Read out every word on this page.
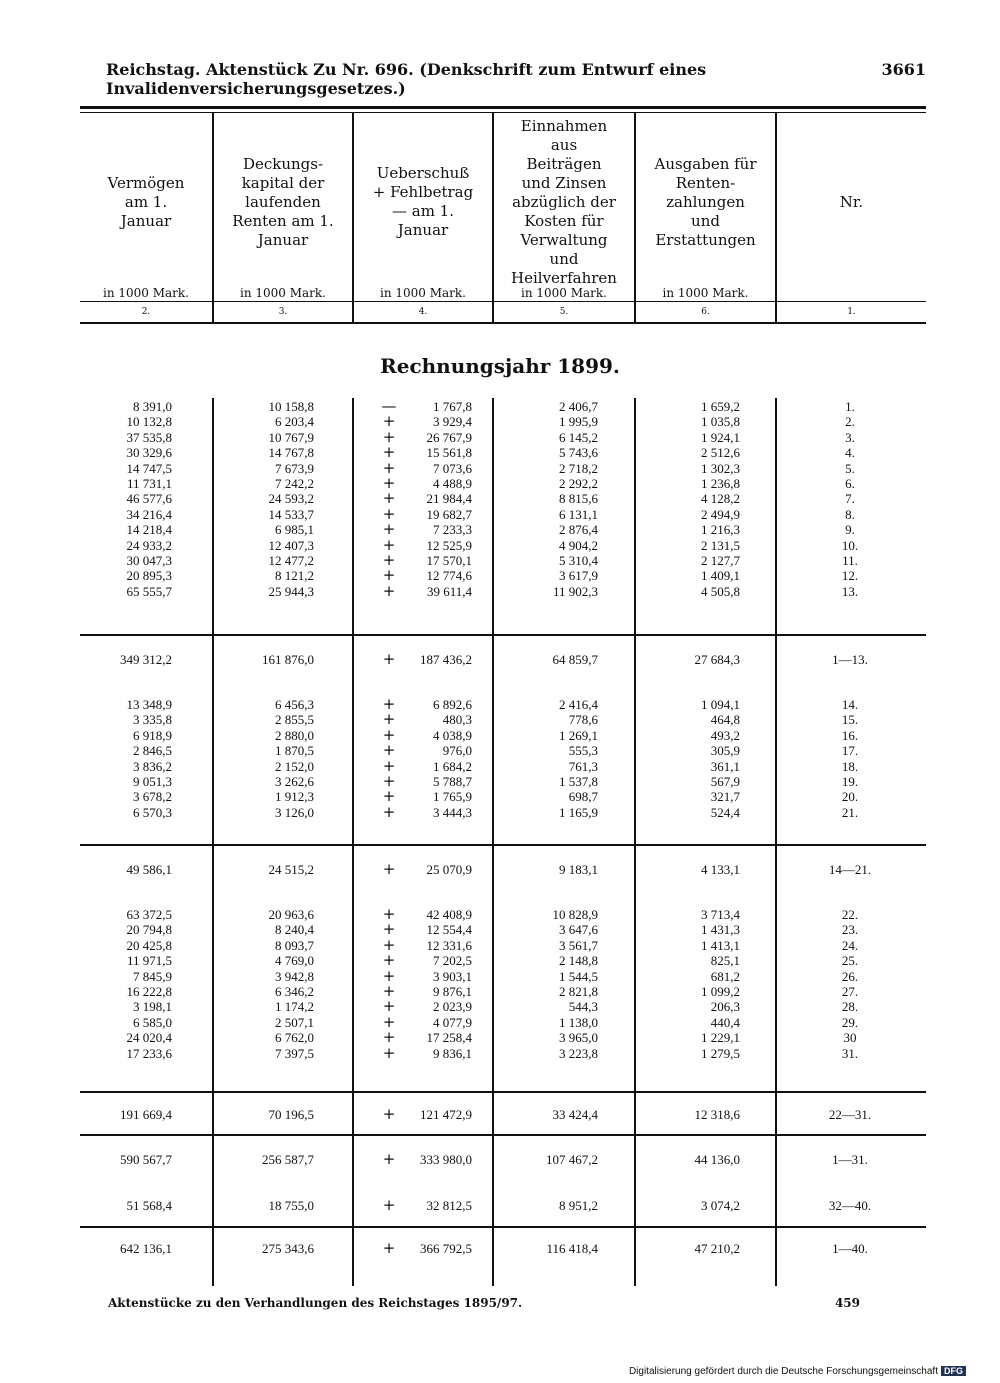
Reichstag. Aktenstück Zu Nr. 696. (Denkschrift zum Entwurf eines Invalidenversicherungsgesetzes.)
3661
Vermögen am 1. Januar
in 1000 Mark.
2.
Deckungs-kapital der laufenden Renten am 1. Januar
in 1000 Mark.
3.
Ueberschuß + Fehlbetrag — am 1. Januar
in 1000 Mark.
4.
Einnahmen aus Beiträgen und Zinsen abzüglich der Kosten für Verwaltung und Heilverfahren
in 1000 Mark.
5.
Ausgaben für Renten-zahlungen und Erstattungen
in 1000 Mark.
6.
Nr.
1.
Rechnungsjahr 1899.
8 391,0	10 158,8	—	1 767,8	2 406,7	1 659,2	1.
10 132,8	6 203,4	+	3 929,4	1 995,9	1 035,8	2.
37 535,8	10 767,9	+	26 767,9	6 145,2	1 924,1	3.
30 329,6	14 767,8	+	15 561,8	5 743,6	2 512,6	4.
14 747,5	7 673,9	+	7 073,6	2 718,2	1 302,3	5.
11 731,1	7 242,2	+	4 488,9	2 292,2	1 236,8	6.
46 577,6	24 593,2	+	21 984,4	8 815,6	4 128,2	7.
34 216,4	14 533,7	+	19 682,7	6 131,1	2 494,9	8.
14 218,4	6 985,1	+	7 233,3	2 876,4	1 216,3	9.
24 933,2	12 407,3	+	12 525,9	4 904,2	2 131,5	10.
30 047,3	12 477,2	+	17 570,1	5 310,4	2 127,7	11.
20 895,3	8 121,2	+	12 774,6	3 617,9	1 409,1	12.
65 555,7	25 944,3	+	39 611,4	11 902,3	4 505,8	13.
349 312,2	161 876,0	+	187 436,2	64 859,7	27 684,3	1—13.
13 348,9	6 456,3	+	6 892,6	2 416,4	1 094,1	14.
3 335,8	2 855,5	+	480,3	778,6	464,8	15.
6 918,9	2 880,0	+	4 038,9	1 269,1	493,2	16.
2 846,5	1 870,5	+	976,0	555,3	305,9	17.
3 836,2	2 152,0	+	1 684,2	761,3	361,1	18.
9 051,3	3 262,6	+	5 788,7	1 537,8	567,9	19.
3 678,2	1 912,3	+	1 765,9	698,7	321,7	20.
6 570,3	3 126,0	+	3 444,3	1 165,9	524,4	21.
49 586,1	24 515,2	+	25 070,9	9 183,1	4 133,1	14—21.
63 372,5	20 963,6	+	42 408,9	10 828,9	3 713,4	22.
20 794,8	8 240,4	+	12 554,4	3 647,6	1 431,3	23.
20 425,8	8 093,7	+	12 331,6	3 561,7	1 413,1	24.
11 971,5	4 769,0	+	7 202,5	2 148,8	825,1	25.
7 845,9	3 942,8	+	3 903,1	1 544,5	681,2	26.
16 222,8	6 346,2	+	9 876,1	2 821,8	1 099,2	27.
3 198,1	1 174,2	+	2 023,9	544,3	206,3	28.
6 585,0	2 507,1	+	4 077,9	1 138,0	440,4	29.
24 020,4	6 762,0	+	17 258,4	3 965,0	1 229,1	30
17 233,6	7 397,5	+	9 836,1	3 223,8	1 279,5	31.
191 669,4	70 196,5	+	121 472,9	33 424,4	12 318,6	22—31.
590 567,7	256 587,7	+	333 980,0	107 467,2	44 136,0	1—31.
51 568,4	18 755,0	+	32 812,5	8 951,2	3 074,2	32—40.
642 136,1	275 343,6	+	366 792,5	116 418,4	47 210,2	1—40.
Aktenstücke zu den Verhandlungen des Reichstages 1895/97.	459
Digitalisierung gefördert durch die Deutsche Forschungsgemeinschaft DFG
